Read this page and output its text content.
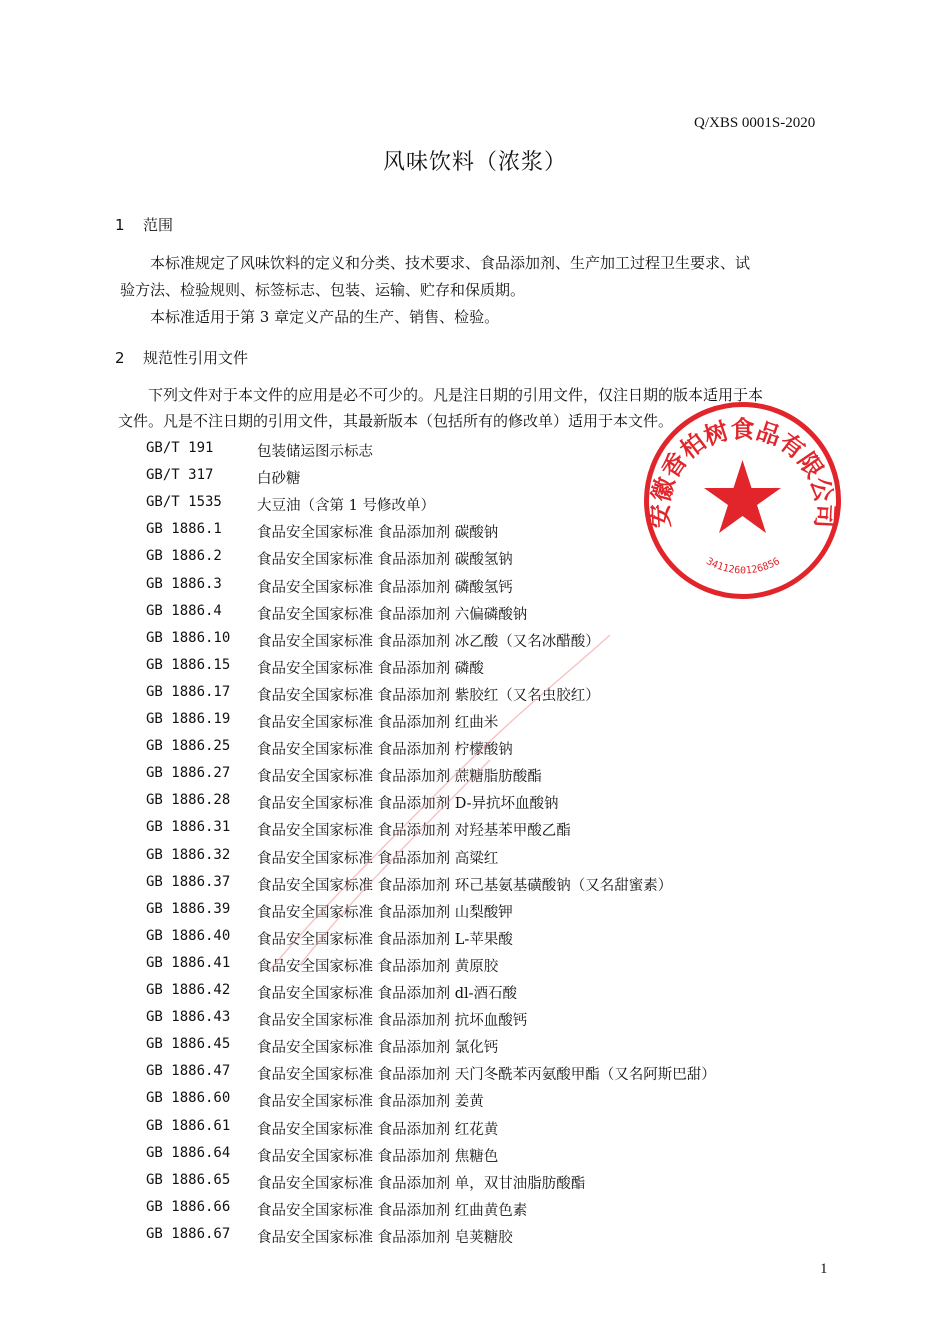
Q/XBS 0001S-2020
风味饮料（浓浆）
1 范围
本标准规定了风味饮料的定义和分类、技术要求、食品添加剂、生产加工过程卫生要求、试
验方法、检验规则、标签标志、包装、运输、贮存和保质期。
本标准适用于第 3 章定义产品的生产、销售、检验。
2 规范性引用文件
下列文件对于本文件的应用是必不可少的。凡是注日期的引用文件，仅注日期的版本适用于本
文件。凡是不注日期的引用文件，其最新版本（包括所有的修改单）适用于本文件。
GB/T 191	包装储运图示标志
GB/T 317	白砂糖
GB/T 1535 大豆油（含第 1 号修改单）
GB 1886.1 食品安全国家标准 食品添加剂 碳酸钠
GB 1886.2 食品安全国家标准 食品添加剂 碳酸氢钠
GB 1886.3 食品安全国家标准 食品添加剂 磷酸氢钙
GB 1886.4 食品安全国家标准 食品添加剂 六偏磷酸钠
GB 1886.10 食品安全国家标准 食品添加剂 冰乙酸（又名冰醋酸）
GB 1886.15 食品安全国家标准 食品添加剂 磷酸
GB 1886.17 食品安全国家标准 食品添加剂 紫胶红（又名虫胶红）
GB 1886.19 食品安全国家标准 食品添加剂 红曲米
GB 1886.25 食品安全国家标准 食品添加剂 柠檬酸钠
GB 1886.27 食品安全国家标准 食品添加剂 蔗糖脂肪酸酯
GB 1886.28 食品安全国家标准 食品添加剂 D-异抗坏血酸钠
GB 1886.31 食品安全国家标准 食品添加剂 对羟基苯甲酸乙酯
GB 1886.32 食品安全国家标准 食品添加剂 高粱红
GB 1886.37 食品安全国家标准 食品添加剂 环己基氨基磺酸钠（又名甜蜜素）
GB 1886.39 食品安全国家标准 食品添加剂 山梨酸钾
GB 1886.40 食品安全国家标准 食品添加剂 L-苹果酸
GB 1886.41 食品安全国家标准 食品添加剂 黄原胶
GB 1886.42 食品安全国家标准 食品添加剂 dl-酒石酸
GB 1886.43 食品安全国家标准 食品添加剂 抗坏血酸钙
GB 1886.45 食品安全国家标准 食品添加剂 氯化钙
GB 1886.47 食品安全国家标准 食品添加剂 天门冬酰苯丙氨酸甲酯（又名阿斯巴甜）
GB 1886.60 食品安全国家标准 食品添加剂 姜黄
GB 1886.61 食品安全国家标准 食品添加剂 红花黄
GB 1886.64 食品安全国家标准 食品添加剂 焦糖色
GB 1886.65 食品安全国家标准 食品添加剂 单，双甘油脂肪酸酯
GB 1886.66 食品安全国家标准 食品添加剂 红曲黄色素
GB 1886.67 食品安全国家标准 食品添加剂 皂荚糖胶
安徽香柏树食品有限公司
3411260126856
1
